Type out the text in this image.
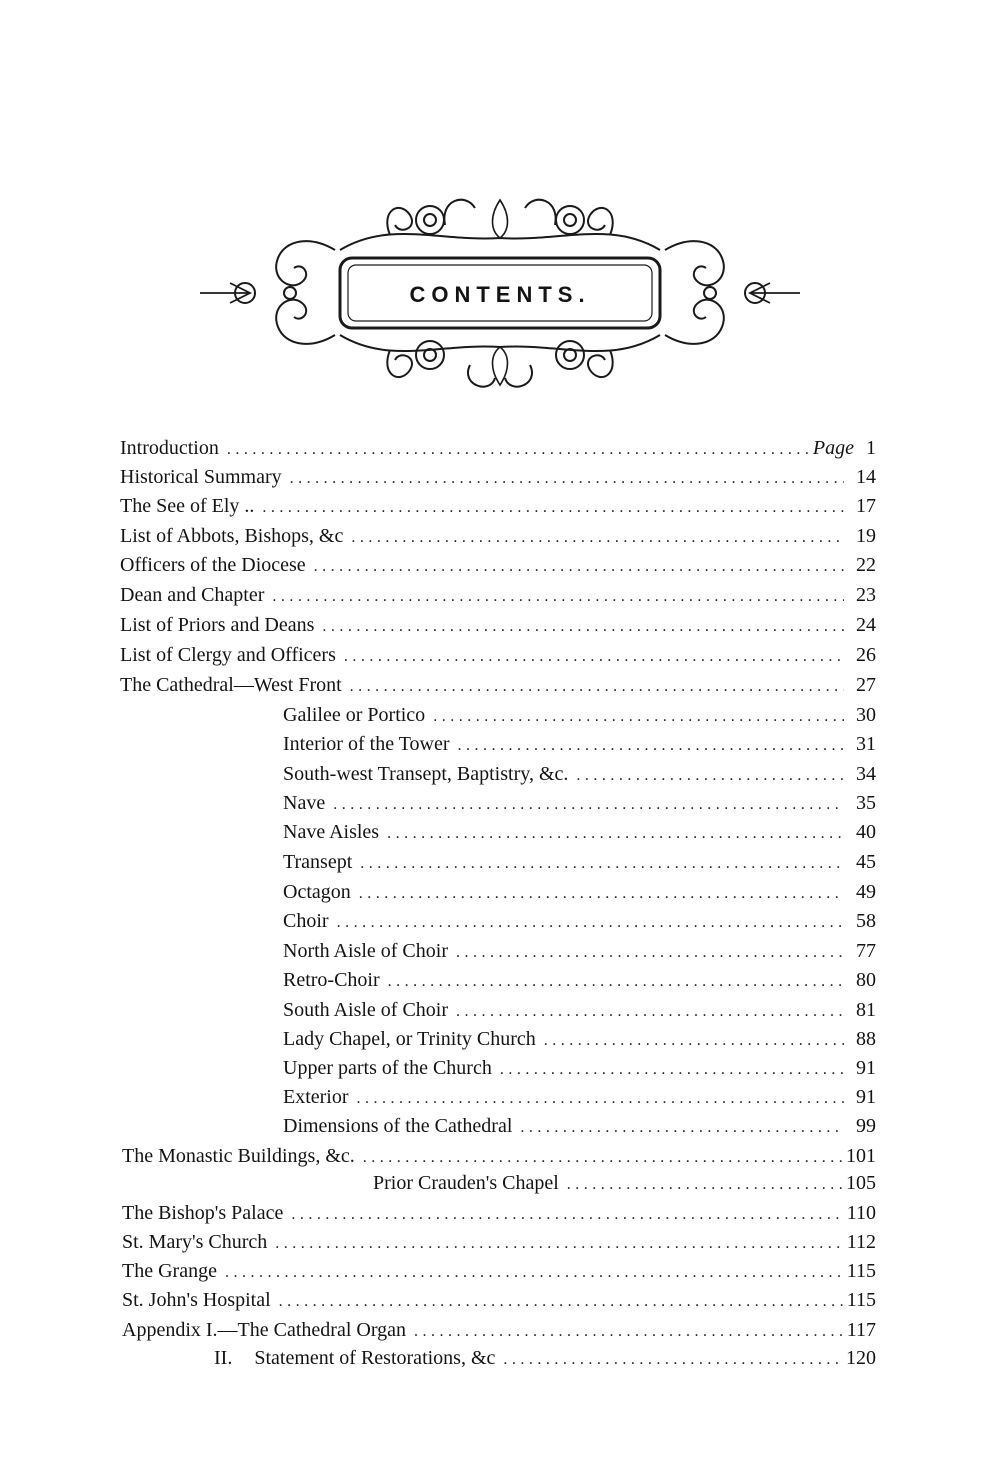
CONTENTS.
Introduction .....	Page 1
Historical Summary .....	14
The See of Ely .. .....	17
List of Abbots, Bishops, &c .....	19
Officers of the Diocese .....	22
Dean and Chapter .....	23
List of Priors and Deans .....	24
List of Clergy and Officers .....	26
The Cathedral—West Front .....	27
Galilee or Portico .....	30
Interior of the Tower .....	31
South-west Transept, Baptistry, &c. .....	34
Nave .....	35
Nave Aisles .....	40
Transept .....	45
Octagon .....	49
Choir .....	58
North Aisle of Choir .....	77
Retro-Choir .....	80
South Aisle of Choir .....	81
Lady Chapel, or Trinity Church .....	88
Upper parts of the Church .....	91
Exterior .....	91
Dimensions of the Cathedral .....	99
The Monastic Buildings, &c. .....	101
Prior Crauden's Chapel .....	105
The Bishop's Palace .....	110
St. Mary's Church .....	112
The Grange .....	115
St. John's Hospital .....	115
Appendix I.—The Cathedral Organ .....	117
II. Statement of Restorations, &c .....	120
